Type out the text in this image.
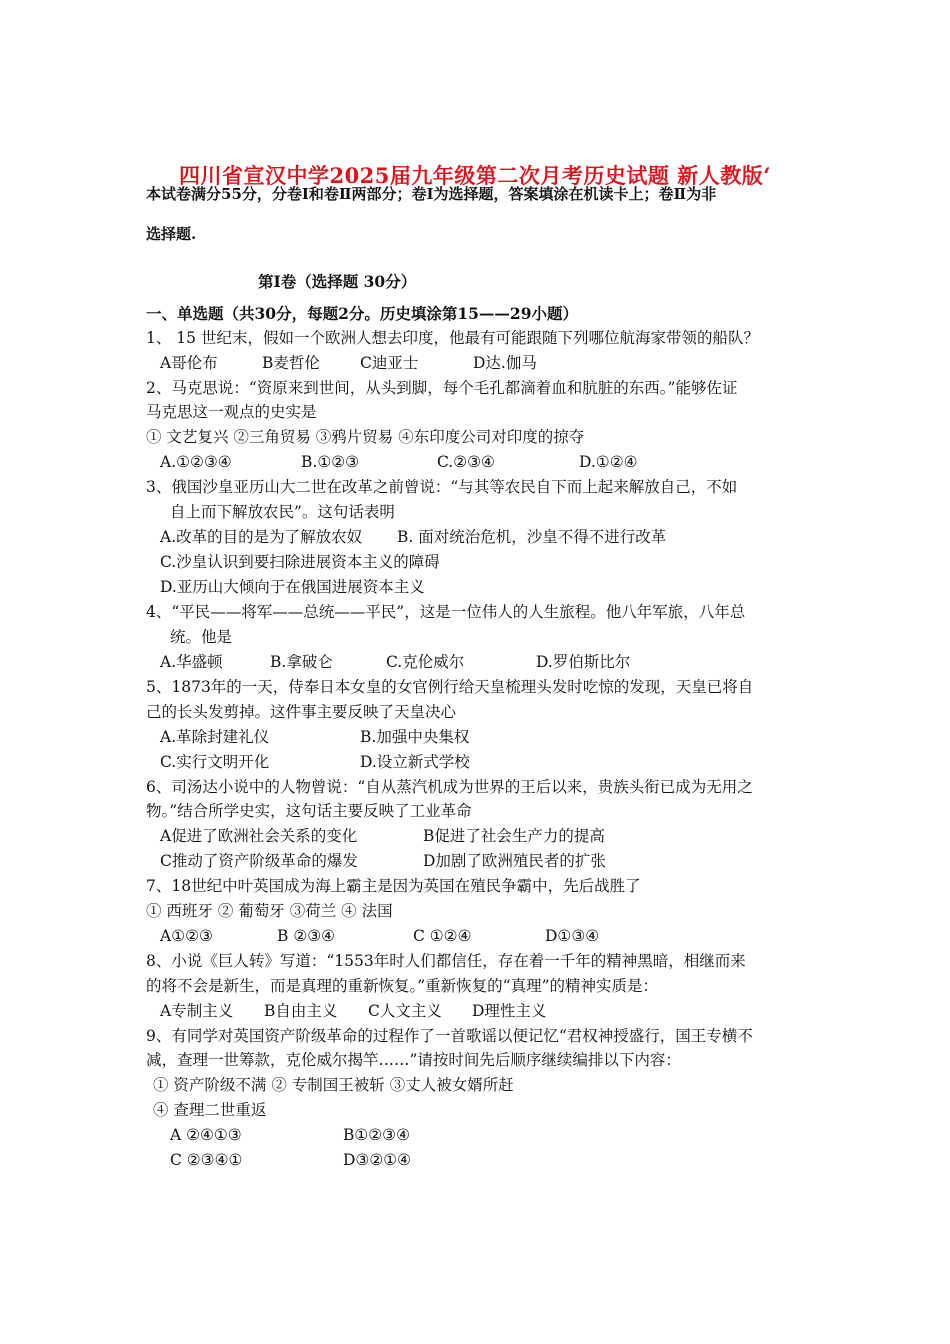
四川省宣汉中学2025届九年级第二次月考历史试题 新人教版‘
本试卷满分55分，分卷Ⅰ和卷Ⅱ两部分；卷Ⅰ为选择题，答案填涂在机读卡上；卷Ⅱ为非
选择题.
第Ⅰ卷（选择题 30分）
一、单选题（共30分，每题2分。历史填涂第15——29小题）
1、 15 世纪末，假如一个欧洲人想去印度，他最有可能跟随下列哪位航海家带领的船队？
A哥伦布	B麦哲伦	C迪亚士	D达.伽马
2、马克思说：“资原来到世间，从头到脚，每个毛孔都滴着血和肮脏的东西。”能够佐证
马克思这一观点的史实是
① 文艺复兴 ②三角贸易 ③鸦片贸易 ④东印度公司对印度的掠夺
A.①②③④	B.①②③	C.②③④	D.①②④
3、俄国沙皇亚历山大二世在改革之前曾说：“与其等农民自下而上起来解放自己，不如
自上而下解放农民”。这句话表明
A.改革的目的是为了解放农奴 B. 面对统治危机，沙皇不得不进行改革
C.沙皇认识到要扫除进展资本主义的障碍
D.亚历山大倾向于在俄国进展资本主义
4、“平民——将军——总统——平民”，这是一位伟人的人生旅程。他八年军旅，八年总
统。他是
A.华盛顿	B.拿破仑	C.克伦威尔	D.罗伯斯比尔
5、1873年的一天，侍奉日本女皇的女官例行给天皇梳理头发时吃惊的发现，天皇已将自
己的长头发剪掉。这件事主要反映了天皇决心
A.革除封建礼仪	B.加强中央集权
C.实行文明开化	D.设立新式学校
6、司汤达小说中的人物曾说：“自从蒸汽机成为世界的王后以来，贵族头衔已成为无用之
物。”结合所学史实，这句话主要反映了工业革命
A促进了欧洲社会关系的变化	B促进了社会生产力的提高
C推动了资产阶级革命的爆发	D加剧了欧洲殖民者的扩张
7、18世纪中叶英国成为海上霸主是因为英国在殖民争霸中，先后战胜了
① 西班牙 ② 葡萄牙 ③荷兰 ④ 法国
A①②③	B ②③④	C ①②④	D①③④
8、小说《巨人转》写道：“1553年时人们都信任，存在着一千年的精神黑暗，相继而来
的将不会是新生，而是真理的重新恢复。”重新恢复的“真理”的精神实质是：
A专制主义 B自由主义 C人文主义 D理性主义
9、有同学对英国资产阶级革命的过程作了一首歌谣以便记忆“君权神授盛行，国王专横不
减，查理一世筹款，克伦威尔揭竿……”请按时间先后顺序继续编排以下内容：
① 资产阶级不满 ② 专制国王被斩 ③丈人被女婿所赶
④ 查理二世重返
A ②④①③	B①②③④
C ②③④①	D③②①④
